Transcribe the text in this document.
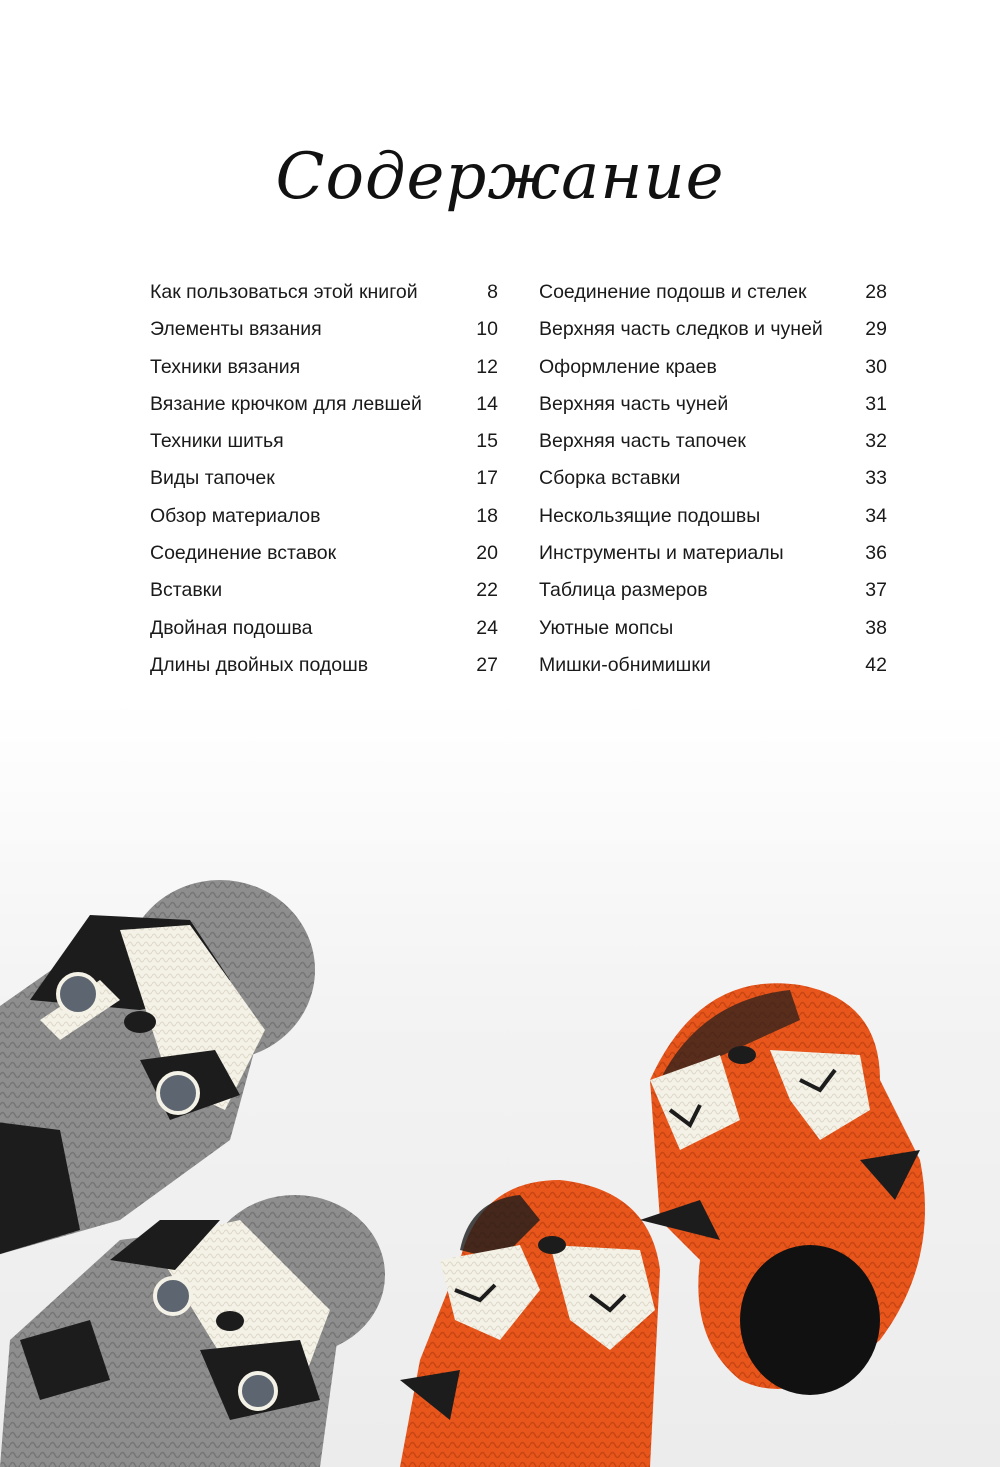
Содержание
Как пользоваться этой книгой	8
Элементы вязания	10
Техники вязания	12
Вязание крючком для левшей	14
Техники шитья	15
Виды тапочек	17
Обзор материалов	18
Соединение вставок	20
Вставки	22
Двойная подошва	24
Длины двойных подошв	27
Соединение подошв и стелек	28
Верхняя часть следков и чуней	29
Оформление краев	30
Верхняя часть чуней	31
Верхняя часть тапочек	32
Сборка вставки	33
Нескользящие подошвы	34
Инструменты и материалы	36
Таблица размеров	37
Уютные мопсы	38
Мишки-обнимишки	42
